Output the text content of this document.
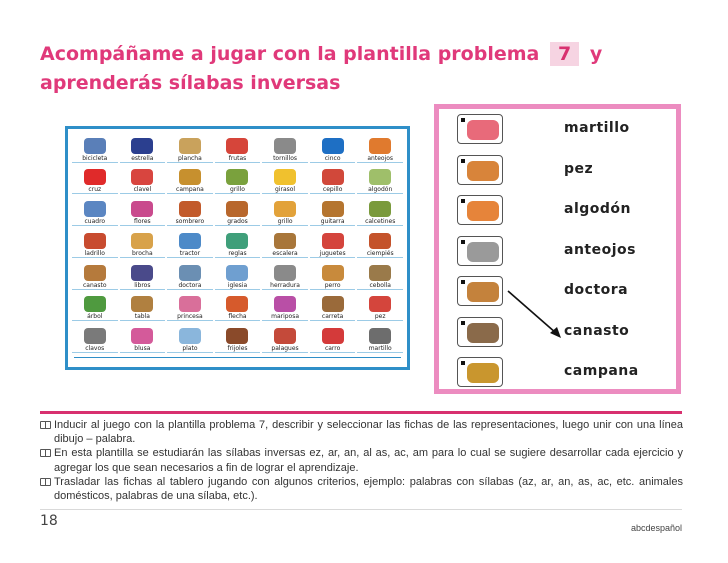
Acompáñame a jugar con la plantilla problema 7 y
aprenderás sílabas inversas
bicicleta	estrella	plancha	frutas	tornillos	cinco	anteojos
cruz	clavel	campana	grillo	girasol	cepillo	algodón
cuadro	flores	sombrero	grados	grillo	guitarra	calcetines
ladrillo	brocha	tractor	reglas	escalera	juguetes	ciempiés
canasto	libros	doctora	iglesia	herradura	perro	cebolla
árbol	tabla	princesa	flecha	mariposa	carreta	pez
clavos	blusa	plato	frijoles	palagues	carro	martillo
martillo
pez
algodón
anteojos
doctora
canasto
campana

Inducir al juego con la plantilla problema 7, describir y seleccionar las fichas de las representaciones, luego unir con una línea dibujo – palabra.

En esta plantilla se estudiarán las sílabas inversas ez, ar, an, al as, ac, am para lo cual se sugiere desarrollar cada ejercicio y agregar los que sean necesarios a fin de lograr el aprendizaje.

Trasladar las fichas al tablero jugando con algunos criterios, ejemplo: palabras con sílabas (az, ar, an, as, ac, etc. animales domésticos, palabras de una sílaba, etc.).

18	abcdespañol
